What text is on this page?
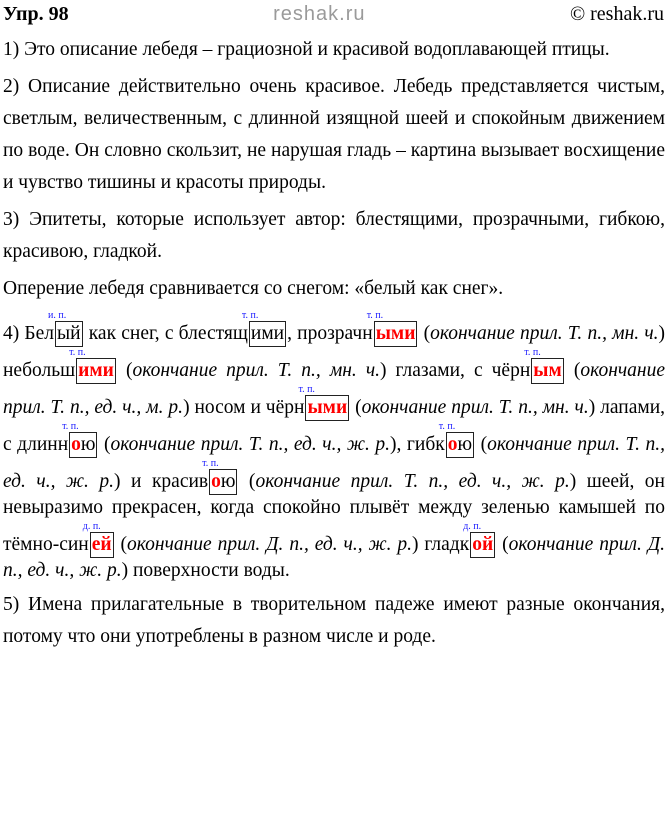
Упр. 98	reshak.ru	© reshak.ru

1) Это описание лебедя – грациозной и красивой водоплавающей птицы.

2) Описание действительно очень красивое. Лебедь представляется чистым, светлым, величественным, с длинной изящной шеей и спокойным движением по воде. Он словно скользит, не нарушая гладь – картина вызывает восхищение и чувство тишины и красоты природы.

3) Эпитеты, которые использует автор: блестящими, прозрачными, гибкою, красивою, гладкой.

Оперение лебедя сравнивается со снегом: «белый как снег».

4) Бел
и. п.
ый как снег, с блестящ
т. п.
ими , прозрачн
т. п.
ыми (окончание прил. Т. п., мн. ч.) небольш
т. п.
ими (окончание прил. Т. п., мн. ч.) глазами, с чёрн
т. п.
ым (окончание прил. Т. п., ед. ч., м. р.) носом и чёрн
т. п.
ыми (окончание прил. Т. п., мн. ч.) лапами, с длинн
т. п.
ою (окончание прил. Т. п., ед. ч., ж. р.), гибк
т. п.
ою (окончание прил. Т. п., ед. ч., ж. р.) и красив
т. п.
ою (окончание прил. Т. п., ед. ч., ж. р.) шеей, он невыразимо прекрасен, когда спокойно плывёт между зеленью камышей по тёмно-син
д. п.
ей (окончание прил. Д. п., ед. ч., ж. р.) гладк
д. п.
ой (окончание прил. Д. п., ед. ч., ж. р.) поверхности воды.

5) Имена прилагательные в творительном падеже имеют разные окончания, потому что они употреблены в разном числе и роде.
